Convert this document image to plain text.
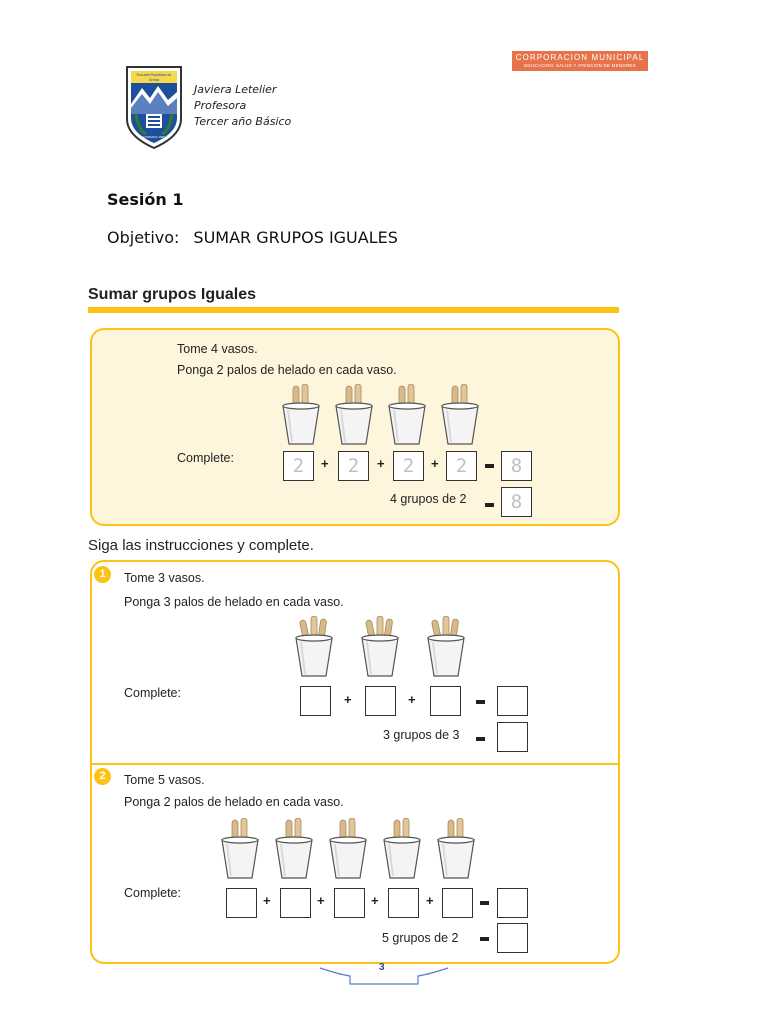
Escuela República de
Grecia
FUNDADA 1965
Javiera Letelier
Profesora
Tercer año Básico
CORPORACION MUNICIPAL
EDUCACION, SALUD Y ATENCION DE MENORES
Sesión 1
Objetivo: SUMAR GRUPOS IGUALES
Sumar grupos Iguales
Tome 4 vasos.
Ponga 2 palos de helado en cada vaso.
Complete:	2	+	2	+ 2	+ 2	8
4 grupos de 2	8
Siga las instrucciones y complete.
1	Tome 3 vasos.
Ponga 3 palos de helado en cada vaso.
Complete:	+	+
3 grupos de 3
2	Tome 5 vasos.
Ponga 2 palos de helado en cada vaso.
Complete:	+	+	+	+
5 grupos de 2
3
